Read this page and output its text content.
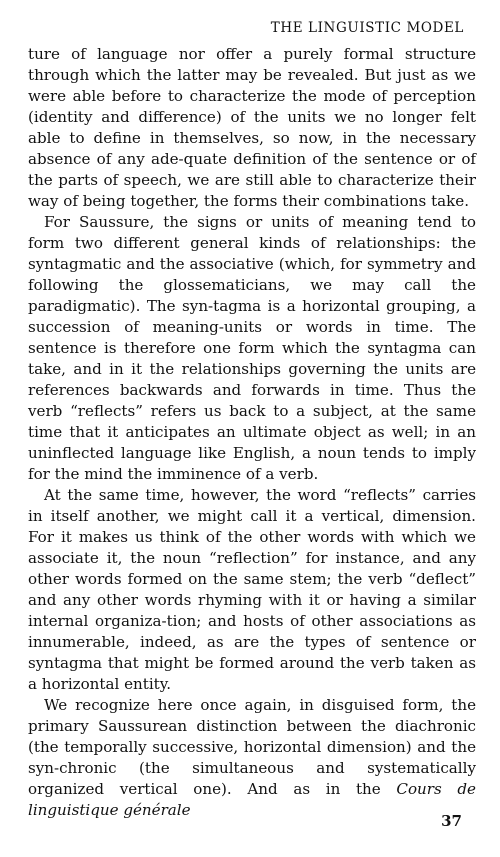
THE LINGUISTIC MODEL

ture of language nor offer a purely formal structure through which the latter may be revealed. But just as we were able before to characterize the mode of perception (identity and difference) of the units we no longer felt able to define in themselves, so now, in the necessary absence of any ade-quate definition of the sentence or of the parts of speech, we are still able to characterize their way of being together, the forms their combinations take.

For Saussure, the signs or units of meaning tend to form two different general kinds of relationships: the syntagmatic and the associative (which, for symmetry and following the glossematicians, we may call the paradigmatic). The syn-tagma is a horizontal grouping, a succession of meaning-units or words in time. The sentence is therefore one form which the syntagma can take, and in it the relationships governing the units are references backwards and forwards in time. Thus the verb “reflects” refers us back to a subject, at the same time that it anticipates an ultimate object as well; in an uninflected language like English, a noun tends to imply for the mind the imminence of a verb.

At the same time, however, the word “reflects” carries in itself another, we might call it a vertical, dimension. For it makes us think of the other words with which we associate it, the noun “reflection” for instance, and any other words formed on the same stem; the verb “deflect” and any other words rhyming with it or having a similar internal organiza-tion; and hosts of other associations as innumerable, indeed, as are the types of sentence or syntagma that might be formed around the verb taken as a horizontal entity.

We recognize here once again, in disguised form, the primary Saussurean distinction between the diachronic (the temporally successive, horizontal dimension) and the syn-chronic (the simultaneous and systematically organized vertical one). And as in the Cours de linguistique générale

37
